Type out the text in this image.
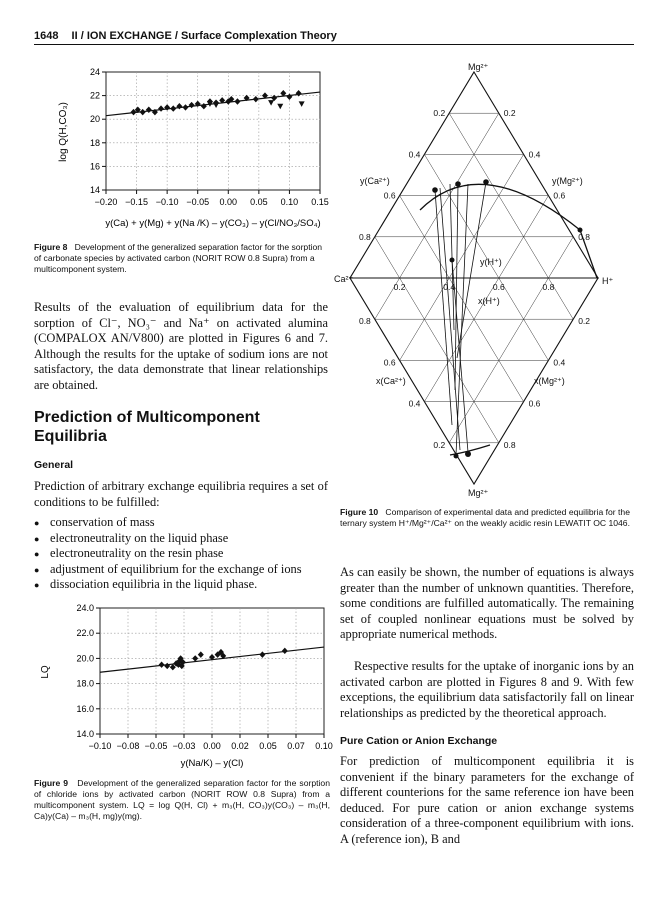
1648 II / ION EXCHANGE / Surface Complexation Theory
−0.20 −0.15 −0.10 −0.05 0.00 0.05 0.10 0.15
14
16
18
20
22
24
log Q(H,CO₃)
y(Ca) + y(Mg) + y(Na /K) – y(CO₃) – y(Cl/NO₃/SO₄)
Figure 8 Development of the generalized separation factor for the sorption of carbonate species by activated carbon (NORIT ROW 0.8 Supra) from a multicomponent system.
Results of the evaluation of equilibrium data for the sorption of Cl⁻, NO₃⁻ and Na⁺ on activated alumina (COMPALOX AN/V800) are plotted in Figures 6 and 7. Although the results for the uptake of sodium ions are not satisfactory, the data demonstrate that linear relationships are obtained.
Prediction of Multicomponent Equilibria
General
Prediction of arbitrary exchange equilibria requires a set of conditions to be fulfilled:
● conservation of mass
● electroneutrality on the liquid phase
● electroneutrality on the resin phase
● adjustment of equilibrium for the exchange of ions
● dissociation equilibria in the liquid phase.
−0.10 −0.08 −0.05 −0.03 0.00 0.02 0.05 0.07 0.10
14.0
16.0
18.0
20.0
22.0
24.0
LQ
y(Na/K) – y(Cl)
Figure 9 Development of the generalized separation factor for the sorption of chloride ions by activated carbon (NORIT ROW 0.8 Supra) from a multicomponent system. LQ = log Q(H, Cl) + m₃(H, CO₃)y(CO₃) – m₃(H, Ca)y(Ca) – m₃(H, mg)y(mg).
Mg²⁺
Ca²⁺	H⁺
Mg²⁺
y(Ca²⁺)	y(Mg²⁺)
y(H⁺)
x(Ca²⁺)	x(Mg²⁺)
x(H⁺)
0.2
0.4
0.6
0.8	0.8
0.6
0.4
0.2
0.2	0.4	0.6	0.8
0.8
0.6
0.4
0.2
0.2
0.4
0.6
0.8
Figure 10 Comparison of experimental data and predicted equilibria for the ternary system H⁺/Mg²⁺/Ca²⁺ on the weakly acidic resin LEWATIT OC 1046.
As can easily be shown, the number of equations is always greater than the number of unknown quantities. Therefore, some conditions are fulfilled automatically. The remaining set of coupled nonlinear equations must be solved by appropriate numerical methods.
Respective results for the uptake of inorganic ions by an activated carbon are plotted in Figures 8 and 9. With few exceptions, the equilibrium data satisfactorily fall on linear relationships as predicted by the theoretical approach.
Pure Cation or Anion Exchange
For prediction of multicomponent equilibria it is convenient if the binary parameters for the exchange of different counterions for the same reference ion have been deduced. For pure cation or anion exchange systems consideration of a three-component equilibrium with ions. A (reference ion), B and
